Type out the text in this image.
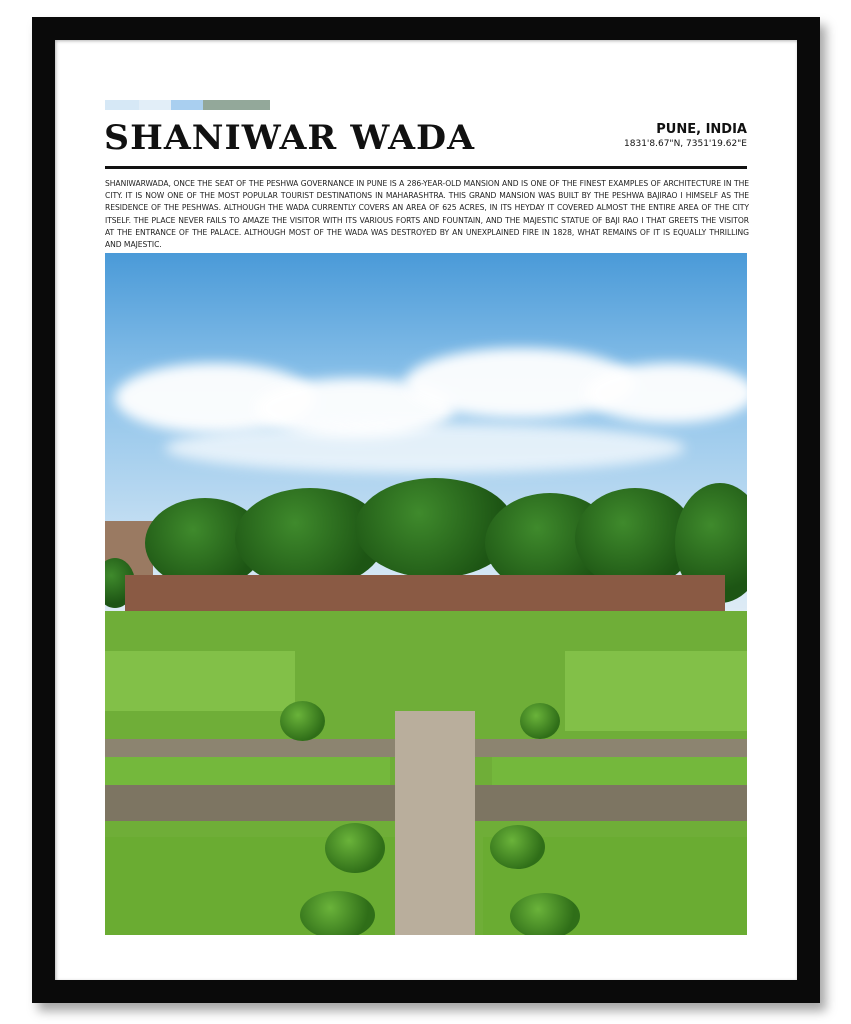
SHANIWAR WADA	PUNE, INDIA
1831'8.67"N, 7351'19.62"E
SHANIWARWADA, ONCE THE SEAT OF THE PESHWA GOVERNANCE IN PUNE IS A 286-YEAR-OLD MANSION AND IS ONE OF THE FINEST EXAMPLES OF ARCHITECTURE IN THE CITY. IT IS NOW ONE OF THE MOST POPULAR TOURIST DESTINATIONS IN MAHARASHTRA. THIS GRAND MANSION WAS BUILT BY THE PESHWA BAJIRAO I HIMSELF AS THE RESIDENCE OF THE PESHWAS. ALTHOUGH THE WADA CURRENTLY COVERS AN AREA OF 625 ACRES, IN ITS HEYDAY IT COVERED ALMOST THE ENTIRE AREA OF THE CITY ITSELF. THE PLACE NEVER FAILS TO AMAZE THE VISITOR WITH ITS VARIOUS FORTS AND FOUNTAIN, AND THE MAJESTIC STATUE OF BAJI RAO I THAT GREETS THE VISITOR AT THE ENTRANCE OF THE PALACE. ALTHOUGH MOST OF THE WADA WAS DESTROYED BY AN UNEXPLAINED FIRE IN 1828, WHAT REMAINS OF IT IS EQUALLY THRILLING AND MAJESTIC.
